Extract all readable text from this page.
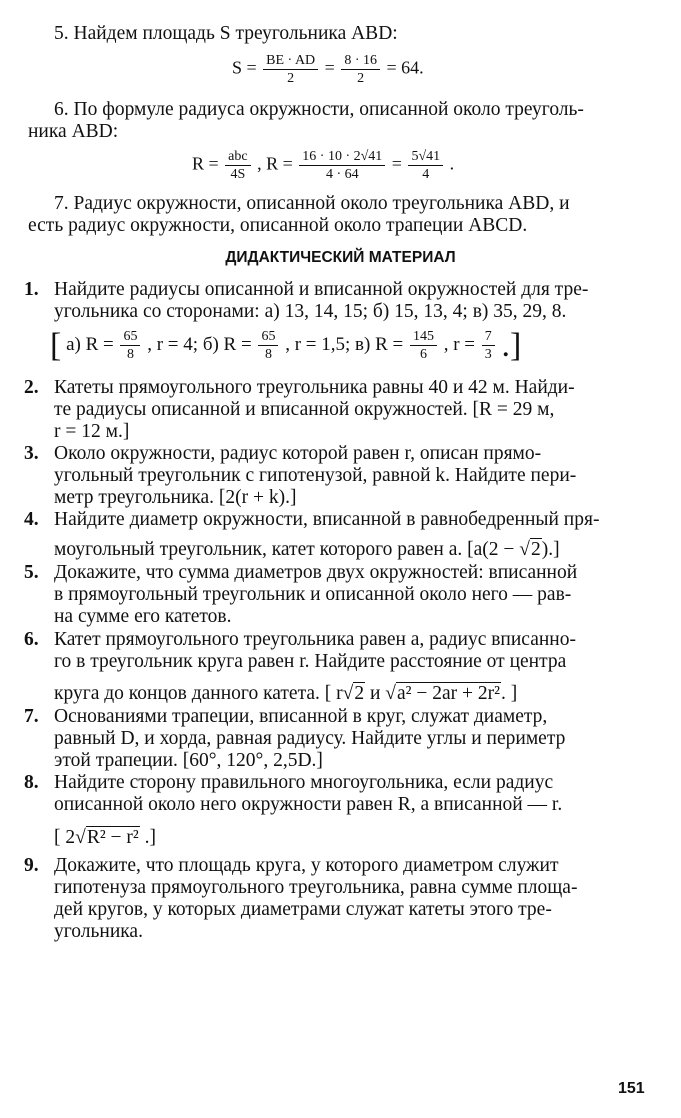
5. Найдем площадь S треугольника ABD:
$S = \frac{BE \cdot AD}{2} = \frac{8 \cdot 16}{2} = 64$.
6. По формуле радиуса окружности, описанной около треуголь-
ника ABD:
$R = \frac{\text{abc}}{4S}$ , $R = \frac{16 \cdot 10 \cdot 2√41}{4 \cdot 64} = \frac{5√41}{4}$ .
7. Радиус окружности, описанной около треугольника ABD, и
есть радиус окружности, описанной около трапеции ABCD.
ДИДАКТИЧЕСКИЙ МАТЕРИАЛ
1. Найдите радиусы описанной и вписанной окружностей для тре-
угольника со сторонами: а) 13, 14, 15; б) 15, 13, 4; в) 35, 29, 8.
[ а) $R = \frac{65}{8}$ , r = 4; б) $R = \frac{65}{8}$ , r = 1,5; в) $R = \frac{145}{6}$ , $r = \frac{7}{3}$ .]
2. Катеты прямоугольного треугольника равны 40 и 42 м. Найди-
те радиусы описанной и вписанной окружностей. [R = 29 м,
r = 12 м.]
3. Около окружности, радиус которой равен r, описан прямо-
угольный треугольник с гипотенузой, равной k. Найдите пери-
метр треугольника. [2(r + k).]
4. Найдите диаметр окружности, вписанной в равнобедренный пря-
моугольный треугольник, катет которого равен a. [a(2 − √2).]
5. Докажите, что сумма диаметров двух окружностей: вписанной
в прямоугольный треугольник и описанной около него — рав-
на сумме его катетов.
6. Катет прямоугольного треугольника равен a, радиус вписанно-
го в треугольник круга равен r. Найдите расстояние от центра
круга до концов данного катета. [ r√2 и √a² − 2ar + 2r². ]
7. Основаниями трапеции, вписанной в круг, служат диаметр,
равный D, и хорда, равная радиусу. Найдите углы и периметр
этой трапеции. [60°, 120°, 2,5D.]
8. Найдите сторону правильного многоугольника, если радиус
описанной около него окружности равен R, а вписанной — r.
[ 2√R² − r² .]
9. Докажите, что площадь круга, у которого диаметром служит
гипотенуза прямоугольного треугольника, равна сумме площа-
дей кругов, у которых диаметрами служат катеты этого тре-
угольника.
151
